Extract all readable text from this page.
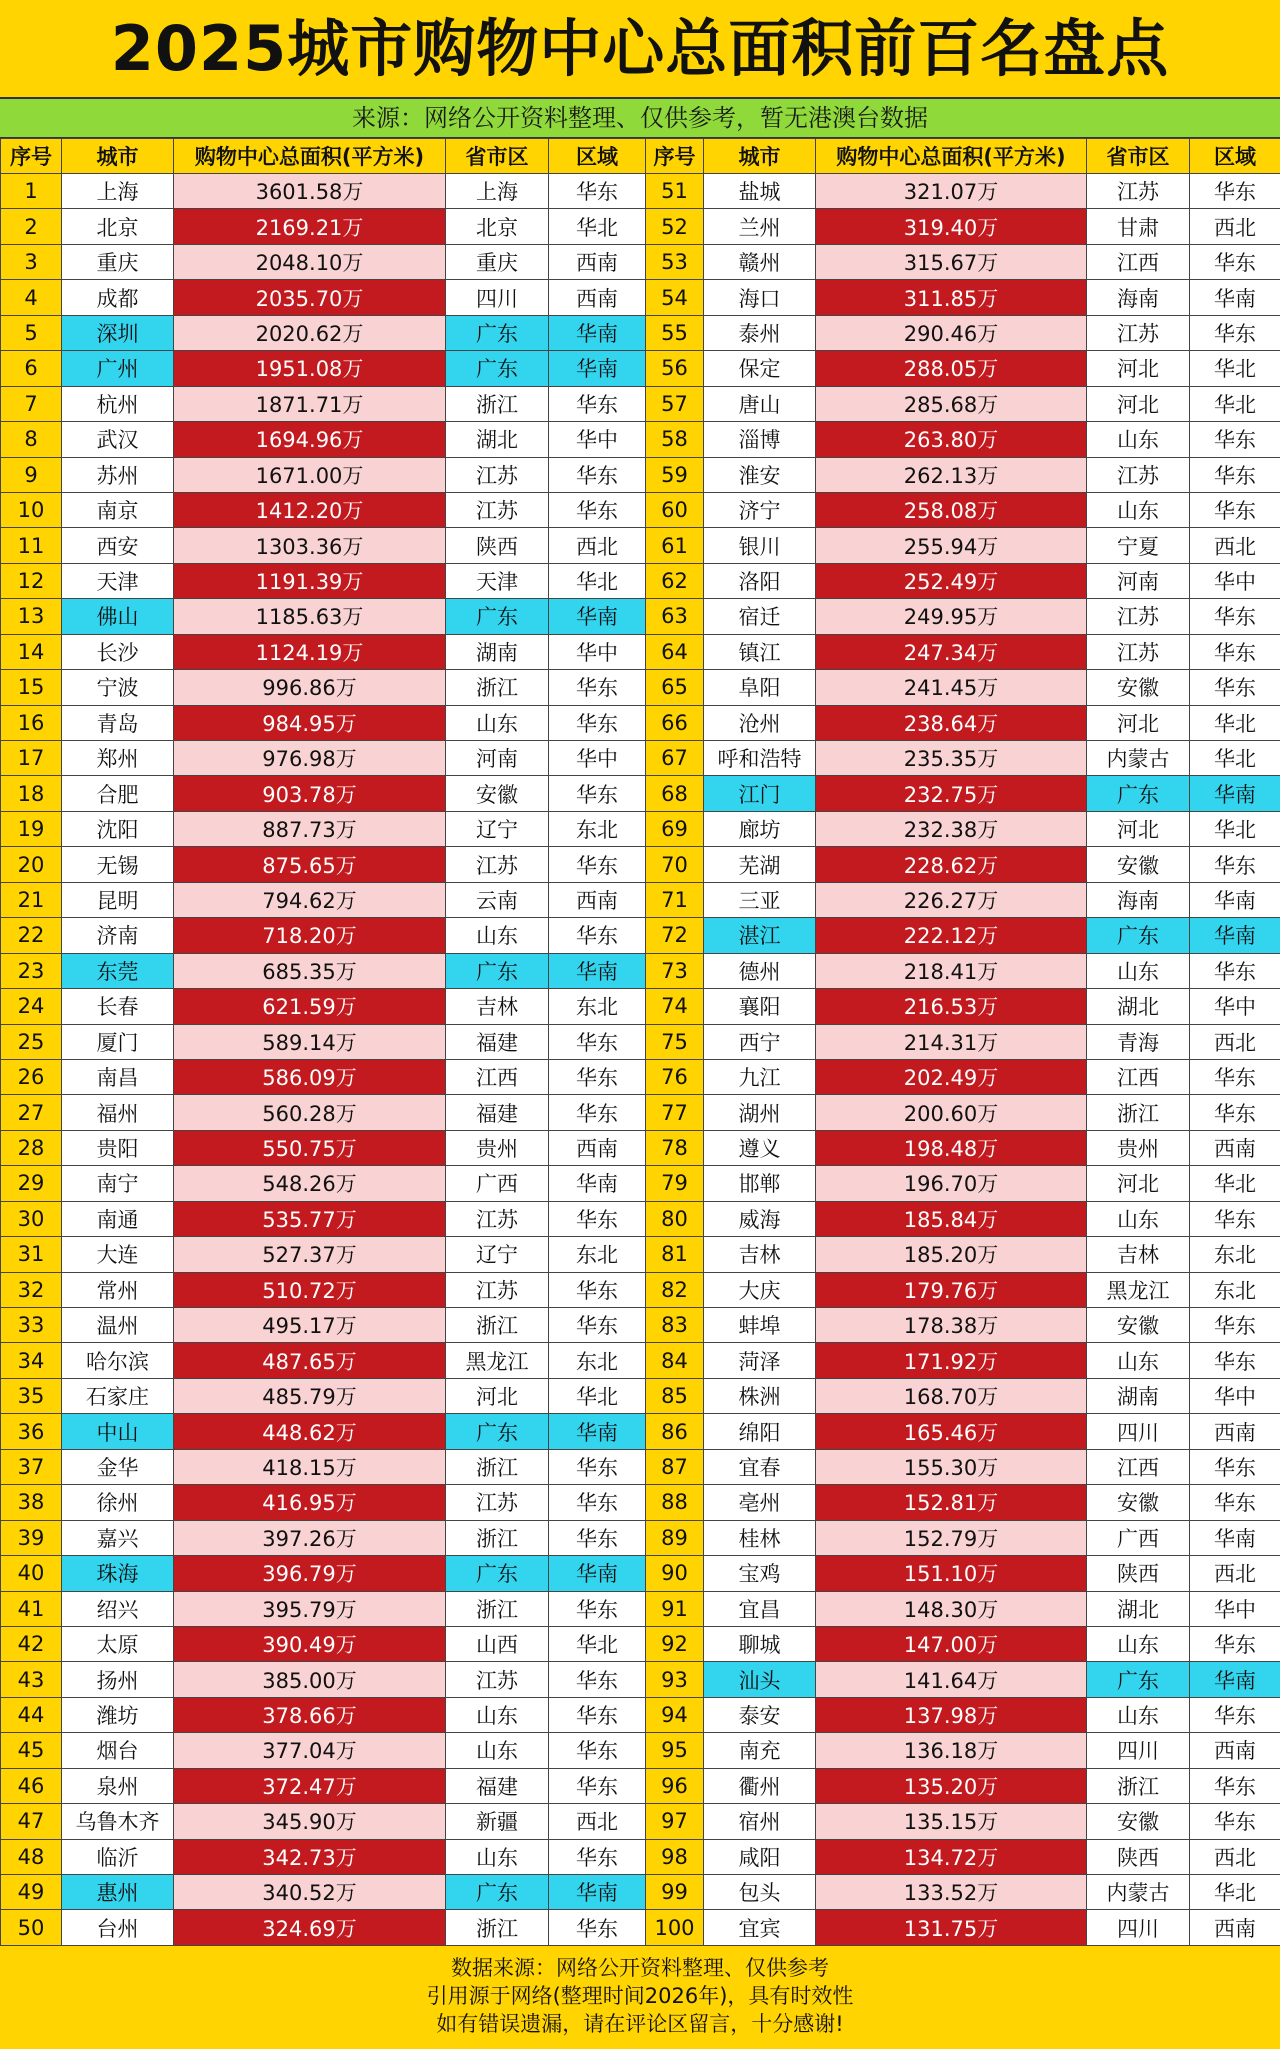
2025城市购物中心总面积前百名盘点
来源：网络公开资料整理、仅供参考，暂无港澳台数据
序号	城市	购物中心总面积(平方米)	省市区	区域	序号	城市	购物中心总面积(平方米)	省市区	区域
1	上海	3601.58万	上海	华东	51	盐城	321.07万	江苏	华东
2	北京	2169.21万	北京	华北	52	兰州	319.40万	甘肃	西北
3	重庆	2048.10万	重庆	西南	53	赣州	315.67万	江西	华东
4	成都	2035.70万	四川	西南	54	海口	311.85万	海南	华南
5	深圳	2020.62万	广东	华南	55	泰州	290.46万	江苏	华东
6	广州	1951.08万	广东	华南	56	保定	288.05万	河北	华北
7	杭州	1871.71万	浙江	华东	57	唐山	285.68万	河北	华北
8	武汉	1694.96万	湖北	华中	58	淄博	263.80万	山东	华东
9	苏州	1671.00万	江苏	华东	59	淮安	262.13万	江苏	华东
10	南京	1412.20万	江苏	华东	60	济宁	258.08万	山东	华东
11	西安	1303.36万	陕西	西北	61	银川	255.94万	宁夏	西北
12	天津	1191.39万	天津	华北	62	洛阳	252.49万	河南	华中
13	佛山	1185.63万	广东	华南	63	宿迁	249.95万	江苏	华东
14	长沙	1124.19万	湖南	华中	64	镇江	247.34万	江苏	华东
15	宁波	996.86万	浙江	华东	65	阜阳	241.45万	安徽	华东
16	青岛	984.95万	山东	华东	66	沧州	238.64万	河北	华北
17	郑州	976.98万	河南	华中	67	呼和浩特	235.35万	内蒙古	华北
18	合肥	903.78万	安徽	华东	68	江门	232.75万	广东	华南
19	沈阳	887.73万	辽宁	东北	69	廊坊	232.38万	河北	华北
20	无锡	875.65万	江苏	华东	70	芜湖	228.62万	安徽	华东
21	昆明	794.62万	云南	西南	71	三亚	226.27万	海南	华南
22	济南	718.20万	山东	华东	72	湛江	222.12万	广东	华南
23	东莞	685.35万	广东	华南	73	德州	218.41万	山东	华东
24	长春	621.59万	吉林	东北	74	襄阳	216.53万	湖北	华中
25	厦门	589.14万	福建	华东	75	西宁	214.31万	青海	西北
26	南昌	586.09万	江西	华东	76	九江	202.49万	江西	华东
27	福州	560.28万	福建	华东	77	湖州	200.60万	浙江	华东
28	贵阳	550.75万	贵州	西南	78	遵义	198.48万	贵州	西南
29	南宁	548.26万	广西	华南	79	邯郸	196.70万	河北	华北
30	南通	535.77万	江苏	华东	80	威海	185.84万	山东	华东
31	大连	527.37万	辽宁	东北	81	吉林	185.20万	吉林	东北
32	常州	510.72万	江苏	华东	82	大庆	179.76万	黑龙江	东北
33	温州	495.17万	浙江	华东	83	蚌埠	178.38万	安徽	华东
34	哈尔滨	487.65万	黑龙江	东北	84	菏泽	171.92万	山东	华东
35	石家庄	485.79万	河北	华北	85	株洲	168.70万	湖南	华中
36	中山	448.62万	广东	华南	86	绵阳	165.46万	四川	西南
37	金华	418.15万	浙江	华东	87	宜春	155.30万	江西	华东
38	徐州	416.95万	江苏	华东	88	亳州	152.81万	安徽	华东
39	嘉兴	397.26万	浙江	华东	89	桂林	152.79万	广西	华南
40	珠海	396.79万	广东	华南	90	宝鸡	151.10万	陕西	西北
41	绍兴	395.79万	浙江	华东	91	宜昌	148.30万	湖北	华中
42	太原	390.49万	山西	华北	92	聊城	147.00万	山东	华东
43	扬州	385.00万	江苏	华东	93	汕头	141.64万	广东	华南
44	潍坊	378.66万	山东	华东	94	泰安	137.98万	山东	华东
45	烟台	377.04万	山东	华东	95	南充	136.18万	四川	西南
46	泉州	372.47万	福建	华东	96	衢州	135.20万	浙江	华东
47	乌鲁木齐	345.90万	新疆	西北	97	宿州	135.15万	安徽	华东
48	临沂	342.73万	山东	华东	98	咸阳	134.72万	陕西	西北
49	惠州	340.52万	广东	华南	99	包头	133.52万	内蒙古	华北
50	台州	324.69万	浙江	华东	100	宜宾	131.75万	四川	西南
数据来源：网络公开资料整理、仅供参考
引用源于网络(整理时间2026年)，具有时效性
如有错误遗漏，请在评论区留言，十分感谢!
